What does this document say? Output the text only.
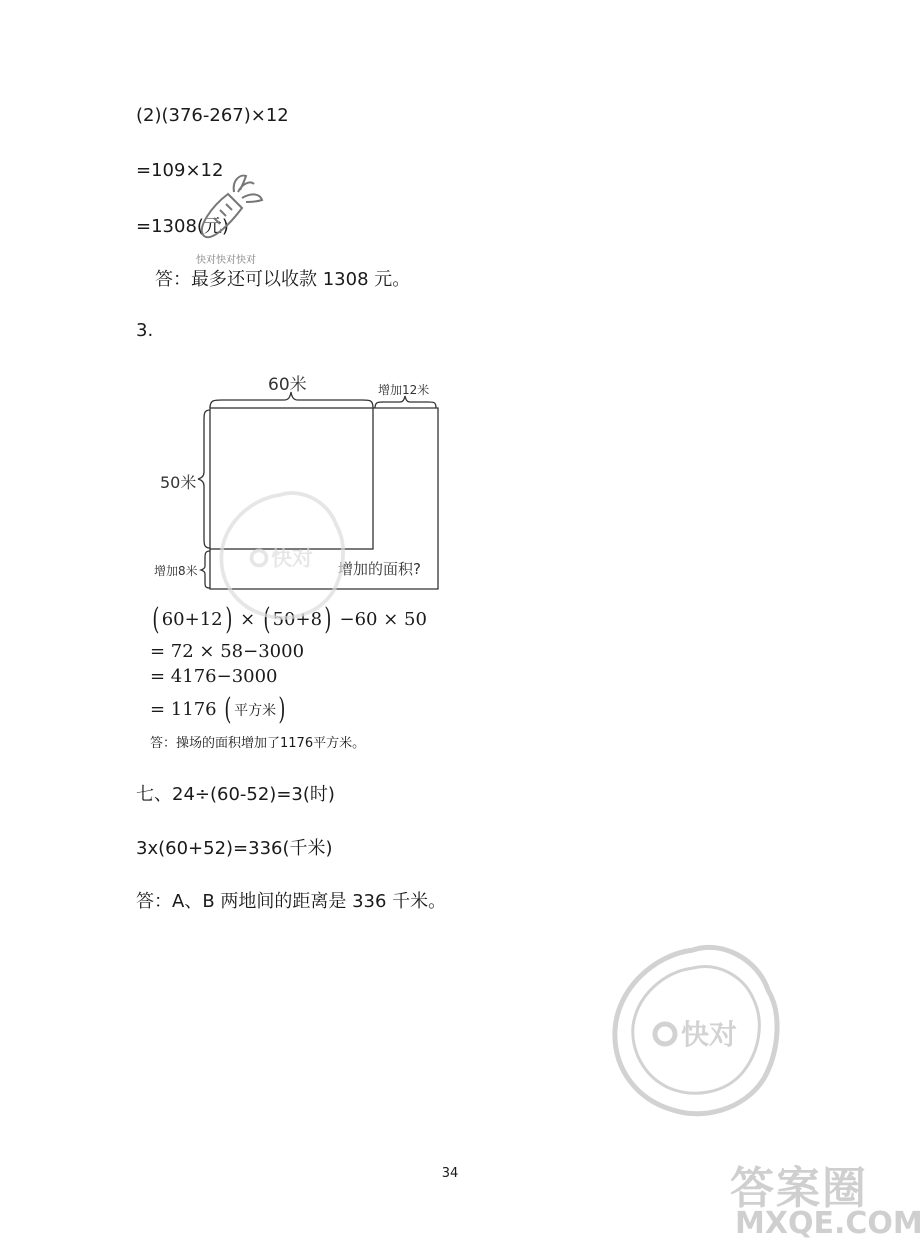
(2)(376-267)×12
=109×12
=1308(元)
快对快对快对
答：最多还可以收款 1308 元。
3.
60米	增加12米
50米
增加8米	增加的面积?
( 60+12) × ( 50+8) −60 × 50
= 72 × 58−3000
= 4176−3000
= 1176 ( 平方米)
答：操场的面积增加了1176平方米。
七、24÷(60-52)=3(时)
3x(60+52)=336(千米)
答：A、B 两地间的距离是 336 千米。
快对
快对
答案圈
MXQE.COM
34
